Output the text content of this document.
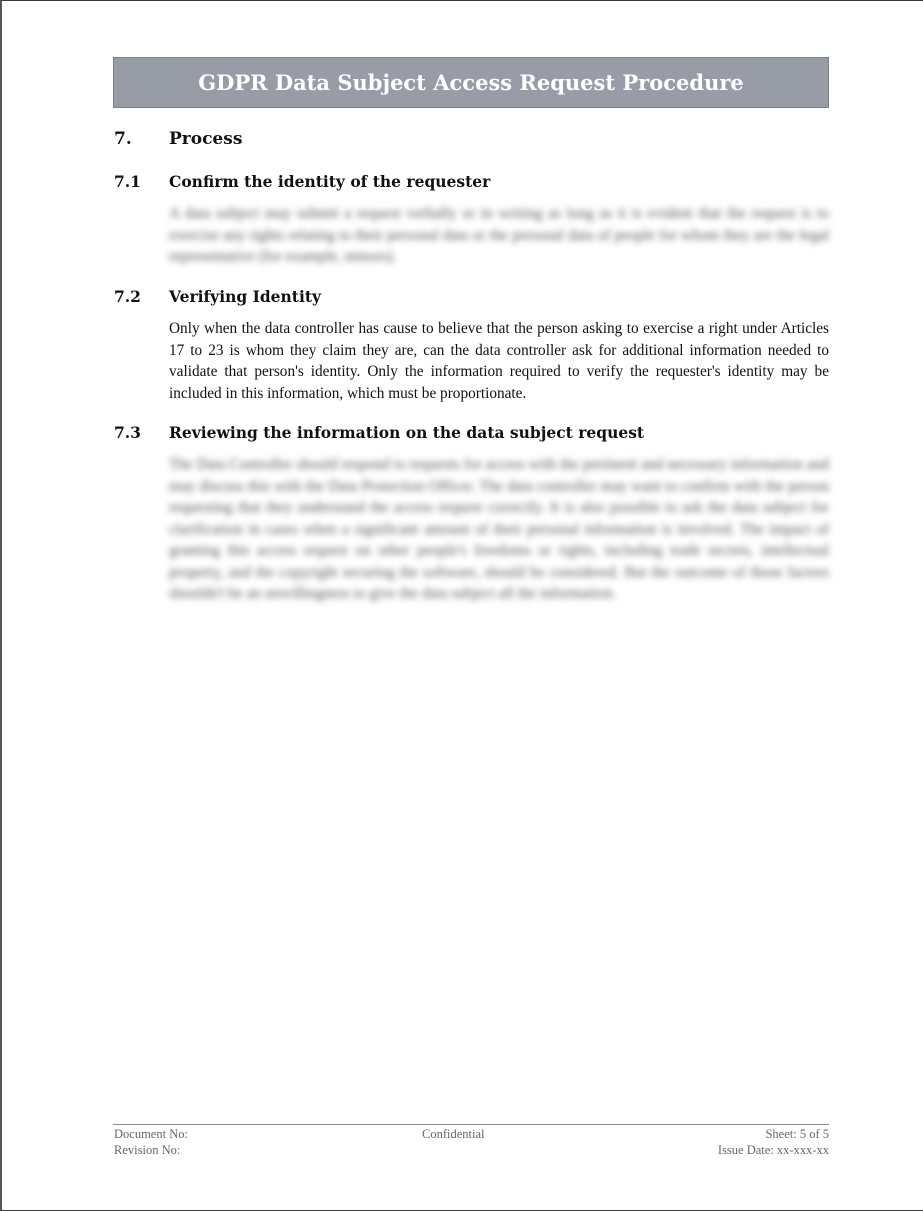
GDPR Data Subject Access Request Procedure
7. Process
7.1 Confirm the identity of the requester
A data subject may submit a request verbally or in writing as long as it is evident that the request is to exercise any rights relating to their personal data or the personal data of people for whom they are the legal representative (for example, minors).
7.2 Verifying Identity
Only when the data controller has cause to believe that the person asking to exercise a right under Articles 17 to 23 is whom they claim they are, can the data controller ask for additional information needed to validate that person's identity. Only the information required to verify the requester's identity may be included in this information, which must be proportionate.
7.3 Reviewing the information on the data subject request
The Data Controller should respond to requests for access with the pertinent and necessary information and may discuss this with the Data Protection Officer. The data controller may want to confirm with the person requesting that they understand the access request correctly. It is also possible to ask the data subject for clarification in cases when a significant amount of their personal information is involved. The impact of granting this access request on other people's freedoms or rights, including trade secrets, intellectual property, and the copyright securing the software, should be considered. But the outcome of those factors shouldn't be an unwillingness to give the data subject all the information.
Document No:
Revision No:
Confidential	Sheet: 5 of 5
Issue Date: xx-xxx-xx
